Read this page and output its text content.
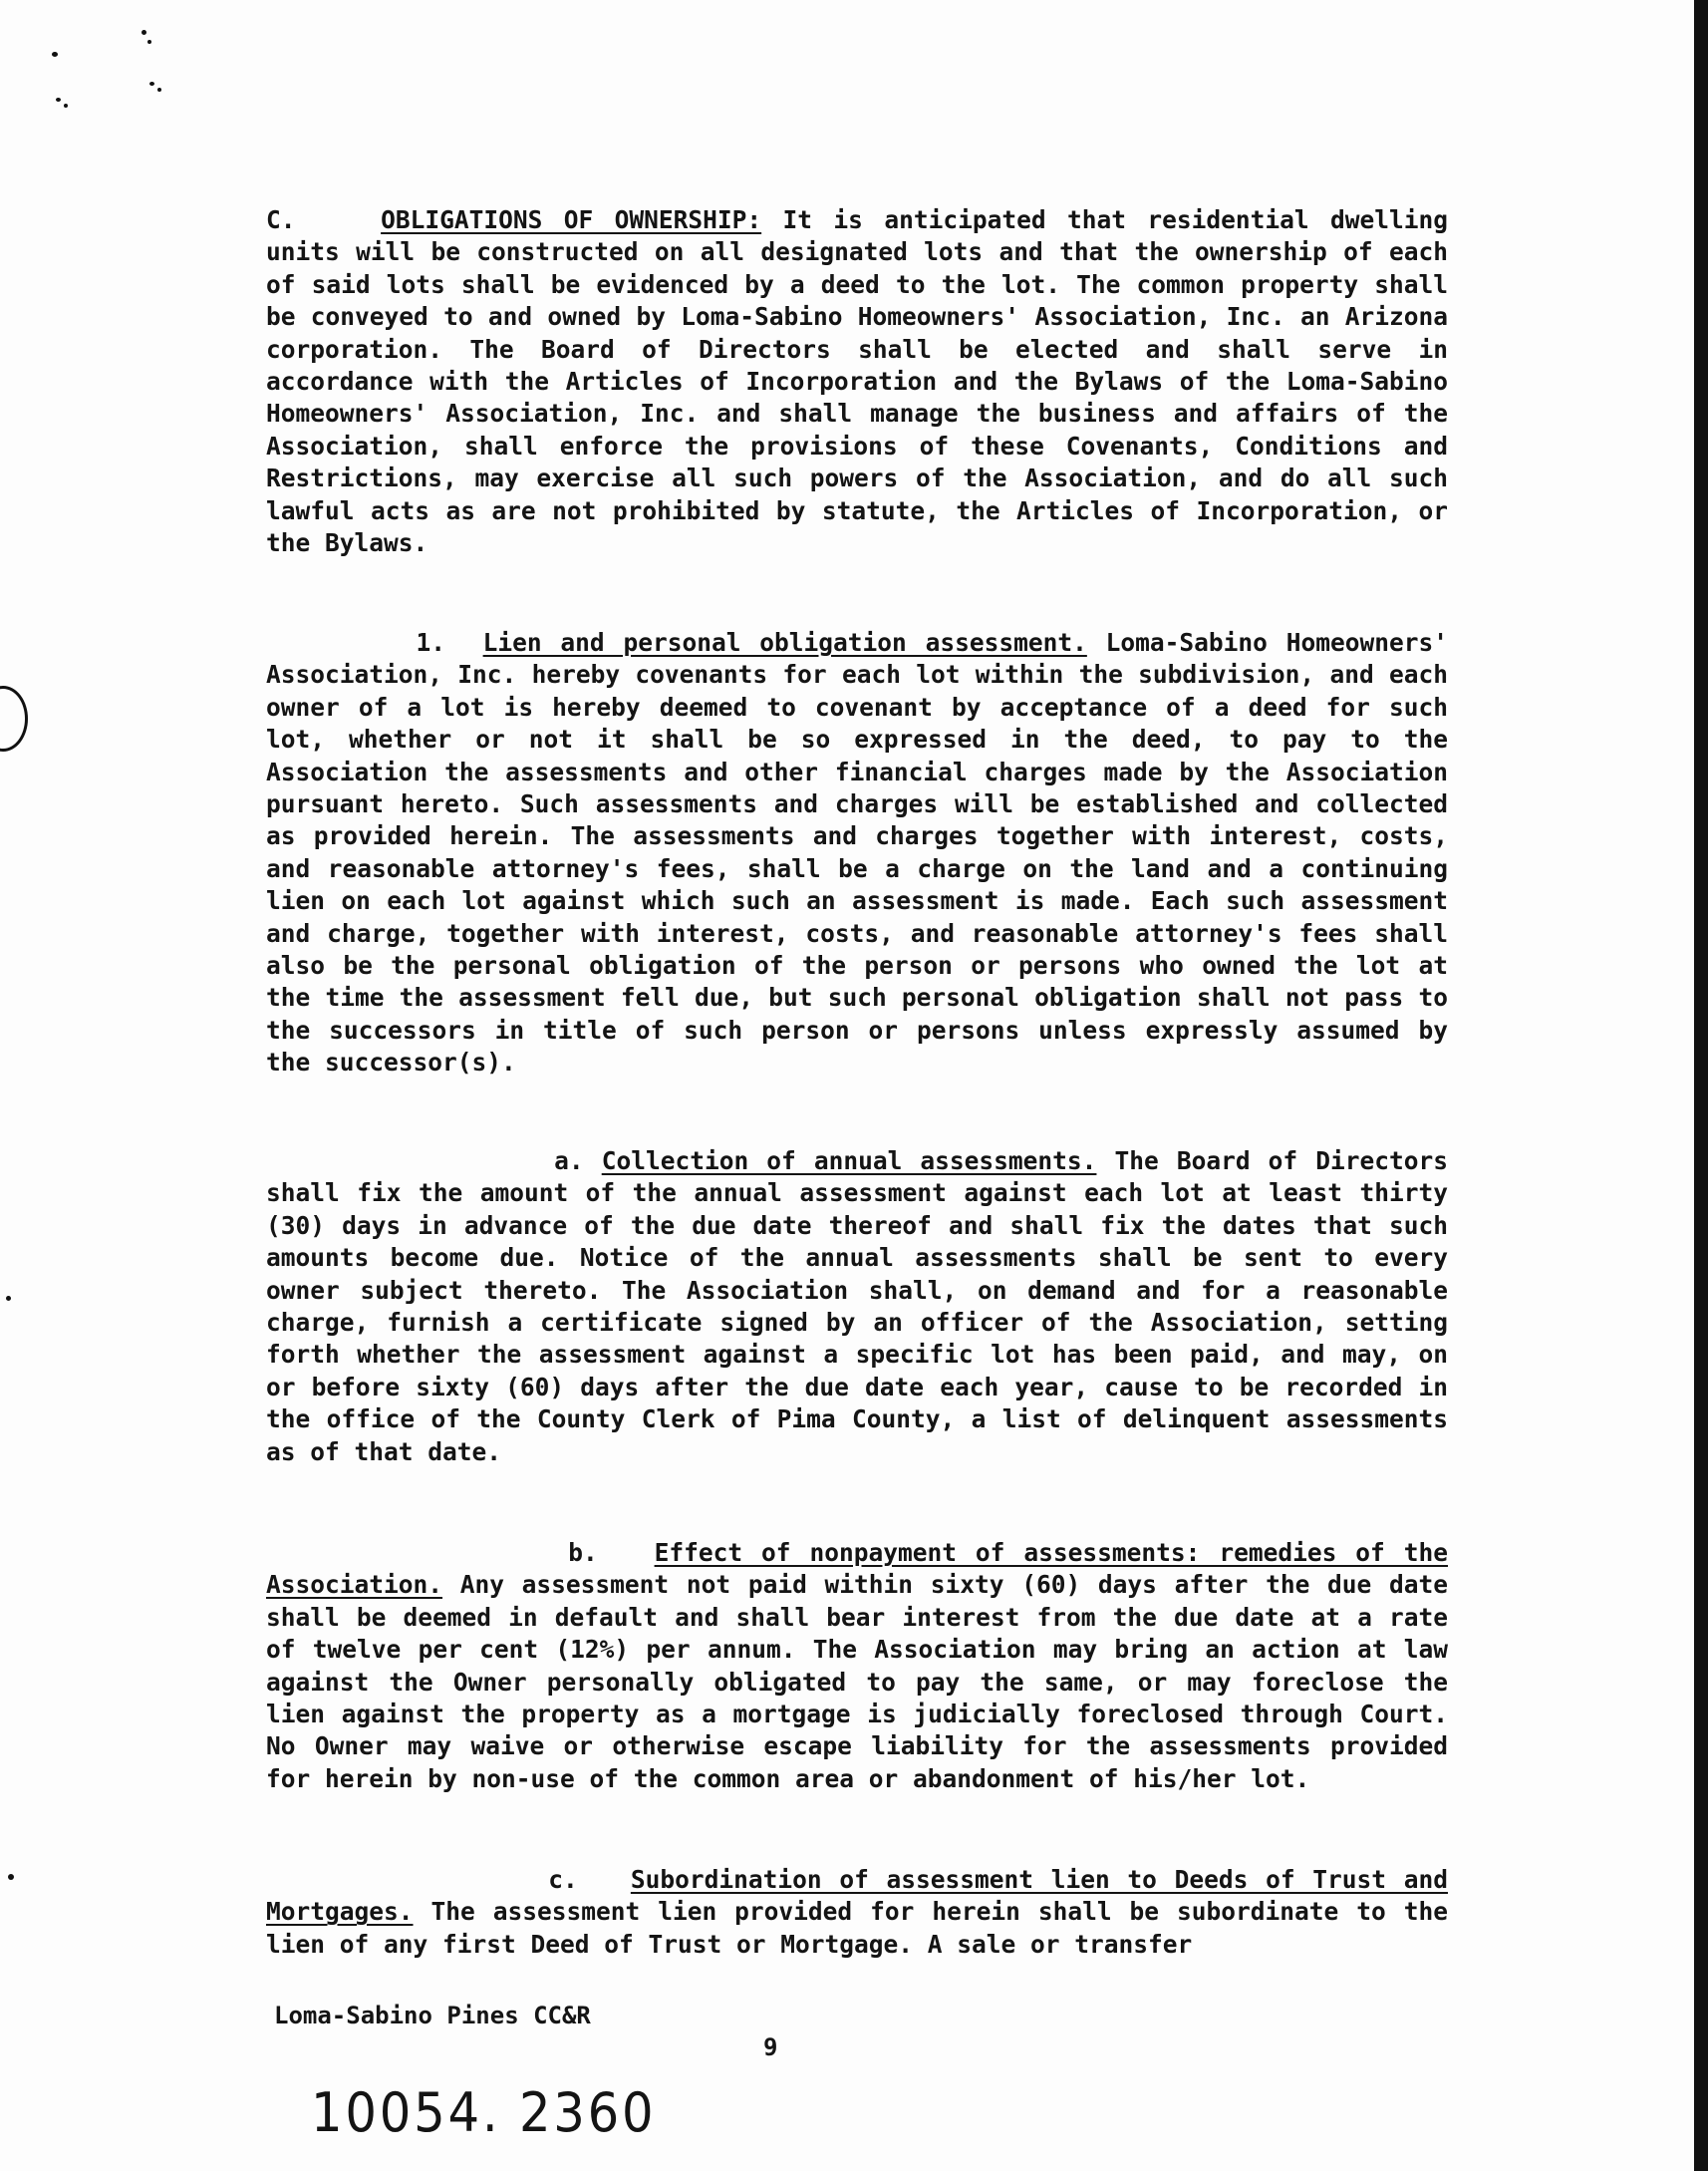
C.	OBLIGATIONS OF OWNERSHIP: It is anticipated that residential dwelling units will be constructed on all designated lots and that the ownership of each of said lots shall be evidenced by a deed to the lot. The common property shall be conveyed to and owned by Loma-Sabino Homeowners' Association, Inc. an Arizona corporation. The Board of Directors shall be elected and shall serve in accordance with the Articles of Incorporation and the Bylaws of the Loma-Sabino Homeowners' Association, Inc. and shall manage the business and affairs of the Association, shall enforce the provisions of these Covenants, Conditions and Restrictions, may exercise all such powers of the Association, and do all such lawful acts as are not prohibited by statute, the Articles of Incorporation, or the Bylaws.
1. Lien and personal obligation assessment. Loma-Sabino Homeowners' Association, Inc. hereby covenants for each lot within the subdivision, and each owner of a lot is hereby deemed to covenant by acceptance of a deed for such lot, whether or not it shall be so expressed in the deed, to pay to the Association the assessments and other financial charges made by the Association pursuant hereto. Such assessments and charges will be established and collected as provided herein. The assessments and charges together with interest, costs, and reasonable attorney's fees, shall be a charge on the land and a continuing lien on each lot against which such an assessment is made. Each such assessment and charge, together with interest, costs, and reasonable attorney's fees shall also be the personal obligation of the person or persons who owned the lot at the time the assessment fell due, but such personal obligation shall not pass to the successors in title of such person or persons unless expressly assumed by the successor(s).
a. Collection of annual assessments. The Board of Directors shall fix the amount of the annual assessment against each lot at least thirty (30) days in advance of the due date thereof and shall fix the dates that such amounts become due. Notice of the annual assessments shall be sent to every owner subject thereto. The Association shall, on demand and for a reasonable charge, furnish a certificate signed by an officer of the Association, setting forth whether the assessment against a specific lot has been paid, and may, on or before sixty (60) days after the due date each year, cause to be recorded in the office of the County Clerk of Pima County, a list of delinquent assessments as of that date.
b. Effect of nonpayment of assessments: remedies of the Association. Any assessment not paid within sixty (60) days after the due date shall be deemed in default and shall bear interest from the due date at a rate of twelve per cent (12%) per annum. The Association may bring an action at law against the Owner personally obligated to pay the same, or may foreclose the lien against the property as a mortgage is judicially foreclosed through Court. No Owner may waive or otherwise escape liability for the assessments provided for herein by non-use of the common area or abandonment of his/her lot.
c. Subordination of assessment lien to Deeds of Trust and Mortgages. The assessment lien provided for herein shall be subordinate to the lien of any first Deed of Trust or Mortgage. A sale or transfer
Loma-Sabino Pines CC&R
9
10054. 2360
